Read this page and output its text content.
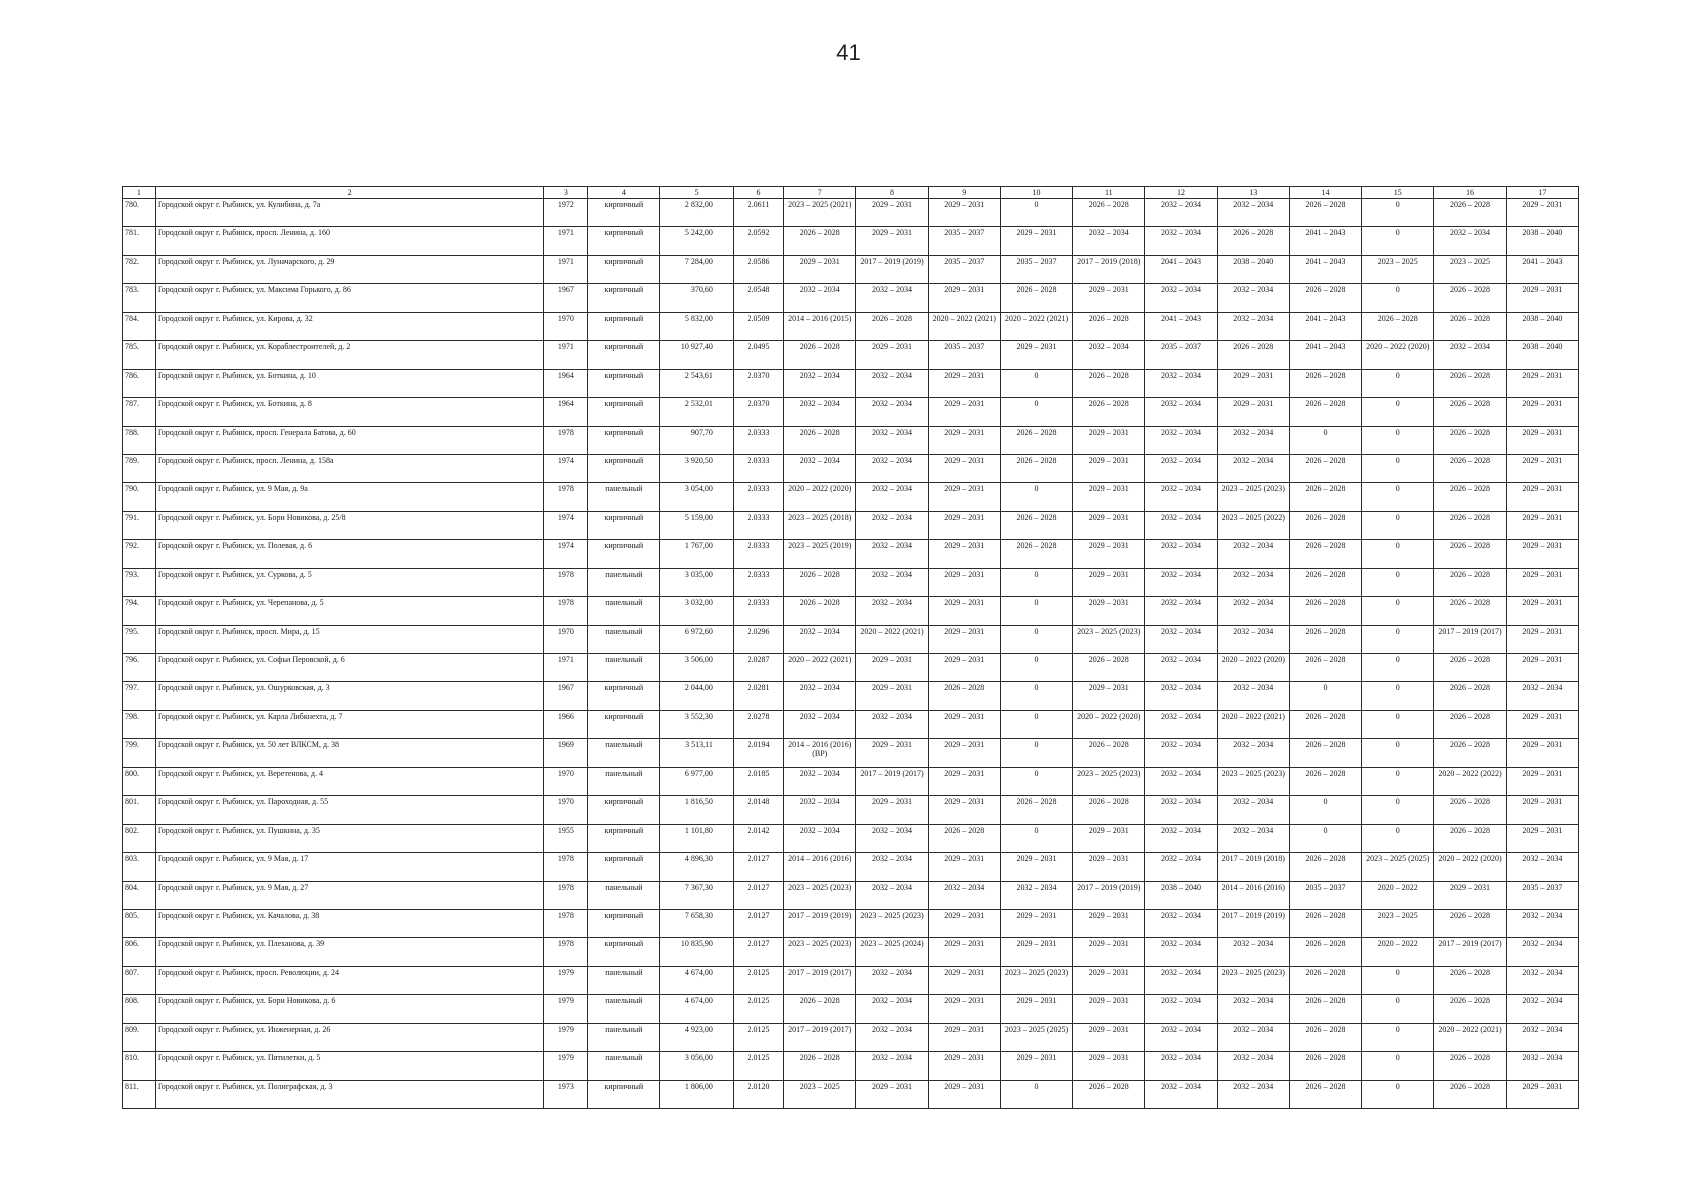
41
1	2	3	4	5	6	7	8	9	10	11	12	13	14	15	16	17
780.	Городской округ г. Рыбинск, ул. Кулибина, д. 7а	1972	кирпичный	2 832,00	2.0611	2023 – 2025 (2021)	2029 – 2031	2029 – 2031	0	2026 – 2028	2032 – 2034	2032 – 2034	2026 – 2028	0	2026 – 2028	2029 – 2031
781.	Городской округ г. Рыбинск, просп. Ленина, д. 160	1971	кирпичный	5 242,00	2.0592	2026 – 2028	2029 – 2031	2035 – 2037	2029 – 2031	2032 – 2034	2032 – 2034	2026 – 2028	2041 – 2043	0	2032 – 2034	2038 – 2040
782.	Городской округ г. Рыбинск, ул. Луначарского, д. 29	1971	кирпичный	7 284,00	2.0586	2029 – 2031	2017 – 2019 (2019)	2035 – 2037	2035 – 2037	2017 – 2019 (2018)	2041 – 2043	2038 – 2040	2041 – 2043	2023 – 2025	2023 – 2025	2041 – 2043
783.	Городской округ г. Рыбинск, ул. Максима Горького, д. 86	1967	кирпичный	370,60	2.0548	2032 – 2034	2032 – 2034	2029 – 2031	2026 – 2028	2029 – 2031	2032 – 2034	2032 – 2034	2026 – 2028	0	2026 – 2028	2029 – 2031
784.	Городской округ г. Рыбинск, ул. Кирова, д. 32	1970	кирпичный	5 832,00	2.0509	2014 – 2016 (2015)	2026 – 2028	2020 – 2022 (2021)	2020 – 2022 (2021)	2026 – 2028	2041 – 2043	2032 – 2034	2041 – 2043	2026 – 2028	2026 – 2028	2038 – 2040
785.	Городской округ г. Рыбинск, ул. Кораблестроителей, д. 2	1971	кирпичный	10 927,40	2.0495	2026 – 2028	2029 – 2031	2035 – 2037	2029 – 2031	2032 – 2034	2035 – 2037	2026 – 2028	2041 – 2043	2020 – 2022 (2020)	2032 – 2034	2038 – 2040
786.	Городской округ г. Рыбинск, ул. Боткина, д. 10	1964	кирпичный	2 543,61	2.0370	2032 – 2034	2032 – 2034	2029 – 2031	0	2026 – 2028	2032 – 2034	2029 – 2031	2026 – 2028	0	2026 – 2028	2029 – 2031
787.	Городской округ г. Рыбинск, ул. Боткина, д. 8	1964	кирпичный	2 532,01	2.0370	2032 – 2034	2032 – 2034	2029 – 2031	0	2026 – 2028	2032 – 2034	2029 – 2031	2026 – 2028	0	2026 – 2028	2029 – 2031
788.	Городской округ г. Рыбинск, просп. Генерала Батова, д. 60	1978	кирпичный	907,70	2.0333	2026 – 2028	2032 – 2034	2029 – 2031	2026 – 2028	2029 – 2031	2032 – 2034	2032 – 2034	0	0	2026 – 2028	2029 – 2031
789.	Городской округ г. Рыбинск, просп. Ленина, д. 158а	1974	кирпичный	3 920,50	2.0333	2032 – 2034	2032 – 2034	2029 – 2031	2026 – 2028	2029 – 2031	2032 – 2034	2032 – 2034	2026 – 2028	0	2026 – 2028	2029 – 2031
790.	Городской округ г. Рыбинск, ул. 9 Мая, д. 9а	1978	панельный	3 054,00	2.0333	2020 – 2022 (2020)	2032 – 2034	2029 – 2031	0	2029 – 2031	2032 – 2034	2023 – 2025 (2023)	2026 – 2028	0	2026 – 2028	2029 – 2031
791.	Городской округ г. Рыбинск, ул. Бори Новикова, д. 25/8	1974	кирпичный	5 159,00	2.0333	2023 – 2025 (2018)	2032 – 2034	2029 – 2031	2026 – 2028	2029 – 2031	2032 – 2034	2023 – 2025 (2022)	2026 – 2028	0	2026 – 2028	2029 – 2031
792.	Городской округ г. Рыбинск, ул. Полевая, д. 6	1974	кирпичный	1 767,00	2.0333	2023 – 2025 (2019)	2032 – 2034	2029 – 2031	2026 – 2028	2029 – 2031	2032 – 2034	2032 – 2034	2026 – 2028	0	2026 – 2028	2029 – 2031
793.	Городской округ г. Рыбинск, ул. Суркова, д. 5	1978	панельный	3 035,00	2.0333	2026 – 2028	2032 – 2034	2029 – 2031	0	2029 – 2031	2032 – 2034	2032 – 2034	2026 – 2028	0	2026 – 2028	2029 – 2031
794.	Городской округ г. Рыбинск, ул. Черепанова, д. 5	1978	панельный	3 032,00	2.0333	2026 – 2028	2032 – 2034	2029 – 2031	0	2029 – 2031	2032 – 2034	2032 – 2034	2026 – 2028	0	2026 – 2028	2029 – 2031
795.	Городской округ г. Рыбинск, просп. Мира, д. 15	1970	панельный	6 972,60	2.0296	2032 – 2034	2020 – 2022 (2021)	2029 – 2031	0	2023 – 2025 (2023)	2032 – 2034	2032 – 2034	2026 – 2028	0	2017 – 2019 (2017)	2029 – 2031
796.	Городской округ г. Рыбинск, ул. Софьи Перовской, д. 6	1971	панельный	3 506,00	2.0287	2020 – 2022 (2021)	2029 – 2031	2029 – 2031	0	2026 – 2028	2032 – 2034	2020 – 2022 (2020)	2026 – 2028	0	2026 – 2028	2029 – 2031
797.	Городской округ г. Рыбинск, ул. Ошурковская, д. 3	1967	кирпичный	2 044,00	2.0281	2032 – 2034	2029 – 2031	2026 – 2028	0	2029 – 2031	2032 – 2034	2032 – 2034	0	0	2026 – 2028	2032 – 2034
798.	Городской округ г. Рыбинск, ул. Карла Либкнехта, д. 7	1966	кирпичный	3 552,30	2.0278	2032 – 2034	2032 – 2034	2029 – 2031	0	2020 – 2022 (2020)	2032 – 2034	2020 – 2022 (2021)	2026 – 2028	0	2026 – 2028	2029 – 2031
799.	Городской округ г. Рыбинск, ул. 50 лет ВЛКСМ, д. 38	1969	панельный	3 513,11	2.0194	2014 – 2016 (2016) (ВР)	2029 – 2031	2029 – 2031	0	2026 – 2028	2032 – 2034	2032 – 2034	2026 – 2028	0	2026 – 2028	2029 – 2031
800.	Городской округ г. Рыбинск, ул. Веретенова, д. 4	1970	панельный	6 977,00	2.0185	2032 – 2034	2017 – 2019 (2017)	2029 – 2031	0	2023 – 2025 (2023)	2032 – 2034	2023 – 2025 (2023)	2026 – 2028	0	2020 – 2022 (2022)	2029 – 2031
801.	Городской округ г. Рыбинск, ул. Пароходная, д. 55	1970	кирпичный	1 816,50	2.0148	2032 – 2034	2029 – 2031	2029 – 2031	2026 – 2028	2026 – 2028	2032 – 2034	2032 – 2034	0	0	2026 – 2028	2029 – 2031
802.	Городской округ г. Рыбинск, ул. Пушкина, д. 35	1955	кирпичный	1 101,80	2.0142	2032 – 2034	2032 – 2034	2026 – 2028	0	2029 – 2031	2032 – 2034	2032 – 2034	0	0	2026 – 2028	2029 – 2031
803.	Городской округ г. Рыбинск, ул. 9 Мая, д. 17	1978	кирпичный	4 896,30	2.0127	2014 – 2016 (2016)	2032 – 2034	2029 – 2031	2029 – 2031	2029 – 2031	2032 – 2034	2017 – 2019 (2018)	2026 – 2028	2023 – 2025 (2025)	2020 – 2022 (2020)	2032 – 2034
804.	Городской округ г. Рыбинск, ул. 9 Мая, д. 27	1978	панельный	7 367,30	2.0127	2023 – 2025 (2023)	2032 – 2034	2032 – 2034	2032 – 2034	2017 – 2019 (2019)	2038 – 2040	2014 – 2016 (2016)	2035 – 2037	2020 – 2022	2029 – 2031	2035 – 2037
805.	Городской округ г. Рыбинск, ул. Качалова, д. 38	1978	кирпичный	7 658,30	2.0127	2017 – 2019 (2019)	2023 – 2025 (2023)	2029 – 2031	2029 – 2031	2029 – 2031	2032 – 2034	2017 – 2019 (2019)	2026 – 2028	2023 – 2025	2026 – 2028	2032 – 2034
806.	Городской округ г. Рыбинск, ул. Плеханова, д. 39	1978	кирпичный	10 835,90	2.0127	2023 – 2025 (2023)	2023 – 2025 (2024)	2029 – 2031	2029 – 2031	2029 – 2031	2032 – 2034	2032 – 2034	2026 – 2028	2020 – 2022	2017 – 2019 (2017)	2032 – 2034
807.	Городской округ г. Рыбинск, просп. Революции, д. 24	1979	панельный	4 674,00	2.0125	2017 – 2019 (2017)	2032 – 2034	2029 – 2031	2023 – 2025 (2023)	2029 – 2031	2032 – 2034	2023 – 2025 (2023)	2026 – 2028	0	2026 – 2028	2032 – 2034
808.	Городской округ г. Рыбинск, ул. Бори Новикова, д. 6	1979	панельный	4 674,00	2.0125	2026 – 2028	2032 – 2034	2029 – 2031	2029 – 2031	2029 – 2031	2032 – 2034	2032 – 2034	2026 – 2028	0	2026 – 2028	2032 – 2034
809.	Городской округ г. Рыбинск, ул. Инженерная, д. 26	1979	панельный	4 923,00	2.0125	2017 – 2019 (2017)	2032 – 2034	2029 – 2031	2023 – 2025 (2025)	2029 – 2031	2032 – 2034	2032 – 2034	2026 – 2028	0	2020 – 2022 (2021)	2032 – 2034
810.	Городской округ г. Рыбинск, ул. Пятилетки, д. 5	1979	панельный	3 056,00	2.0125	2026 – 2028	2032 – 2034	2029 – 2031	2029 – 2031	2029 – 2031	2032 – 2034	2032 – 2034	2026 – 2028	0	2026 – 2028	2032 – 2034
811.	Городской округ г. Рыбинск, ул. Полиграфская, д. 3	1973	кирпичный	1 806,00	2.0120	2023 – 2025	2029 – 2031	2029 – 2031	0	2026 – 2028	2032 – 2034	2032 – 2034	2026 – 2028	0	2026 – 2028	2029 – 2031
